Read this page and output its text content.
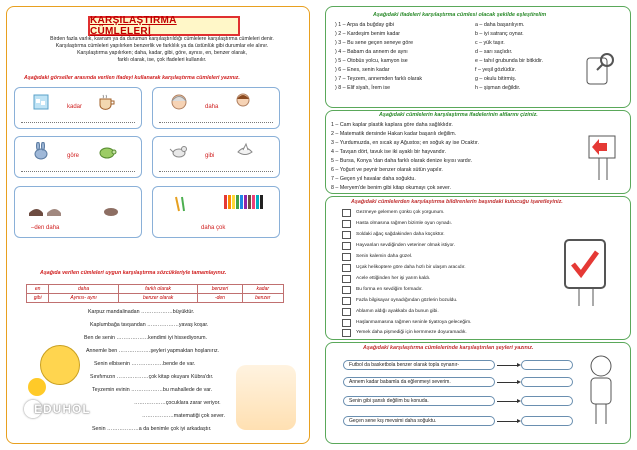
KARŞILAŞTIRMA CÜMLELERİ
Birden fazla varlık, kavram ya da durumun karşılaştırıldığı cümlelere karşılaştırma cümleleri denir.
Karşılaştırma cümleleri yapılırken benzerlik ve farklılık ya da üstünlük gibi durumlar ele alınır.
Karşılaştırma yapılırken; daha, kadar, gibi, göre, aynısı, en, benzer olarak,
farklı olarak, ise, çok ifadeleri kullanılır.
Aşağıdaki görseller arasında verilen ifadeyi kullanarak karşılaştırma cümleleri yazınız.
kadar	daha
göre	gibi
–den daha	daha çok
Aşağıda verilen cümleleri uygun karşılaştırma sözcükleriyle tamamlayınız.
en	daha	farklı olarak	benzeri	kadar
gibi	Aynısı- aynı	benzer olarak	-den	benzer
Karpuz mandalinadan ………………büyüktür.
Kaplumbağa tavşandan ………………yavaş koşar.
Ben de senin ………………kendimi iyi hissediyorum.
Annemle ben ………………şeyleri yapmaktan hoşlanırız.
Senin elbisenin ………………bende de var.
Sınıfımızın ………………çok kitap okuyanı Kübra'dır.
Teyzemin evinin ………………bu mahallede de var.
………………çocuklara zarar veriyor.
………………matematiği çok sever.
Senin ………………a da benimle çok iyi arkadaştır.
EDUHOL
Aşağıdaki ifadeleri karşılaştırma cümlesi olacak şekilde eşleştirelim
) 1 – Arpa da buğday gibi
) 2 – Kardeşim benim kadar
) 3 – Bu sene geçen seneye göre
) 4 – Babam da annem de aynı
) 5 – Otobüs yolcu, kamyon ise
) 6 – Enes, senin kadar
) 7 – Teyzem, annemden farklı olarak
) 8 – Elif siyah, İrem ise
a – daha başarılıyım.
b – iyi satranç oynar.
c – yük taşır.
d – sarı saçlıdır.
e – tahıl grubunda bir bitkidir.
f – yeşil gözlüdür.
g – okulu bitirmiş.
h – şişman değildir.
Aşağıdaki cümlelerin karşılaştırma ifadelerinin altlarını çiziniz.
1 – Cam kaplar plastik kaplara göre daha sağlıklıdır.
2 – Matematik dersinde Hakan kadar başarılı değilim.
3 – Yurdumuzda, en sıcak ay Ağustos; en soğuk ay ise Ocaktır.
4 – Tavşan dört, tavuk ise iki ayaklı bir hayvandır.
5 – Bursa, Konya 'dan daha farklı olarak denize kıyısı vardır.
6 – Yoğurt ve peynir benzer olarak sütün yapılır.
7 – Geçen yıl havalar daha soğuktu.
8 – Meryem'de benim gibi kitap okumayı çok sever.
Aşağıdaki cümlelerden karşılaştırma bildirenlerin başındaki kutucuğu işaretleyiniz.
Gezmeye gelemem çünkü çok yorgunum.
Hasta olmasına rağmen bizimle oyun oynadı.
Soldaki ağaç sağdakinden daha küçüktür.
Hayvanları sevdiğinden veteriner olmak istiyor.
Senin kalemin daha güzel.
Uçak helikoptere göre daha hızlı bir ulaşım aracıdır.
Acele ettiğinden her işi yarım kaldı.
Bu forma en sevdiğim formadır.
Fazla bilgisayar oynadığından gözlerin bozuldu.
Ablamın aldığı ayakkabı da bunun gibi.
Haşlanmamasına rağmen seninle tiyatroya geleceğim.
Yemek daha pişmediği için kermmeze doyuramadık.
Aşağıdaki karşılaştırma cümlelerinde karşılaştırılan şeyleri yazınız.
Futbol da basketbola benzer olarak topla oynanır-
Annem kadar babamla da eğlenmeyi severim.
Senin gibi şanslı değilim bu konuda.
Geçen sene kış mevsimi daha soğuktu.
